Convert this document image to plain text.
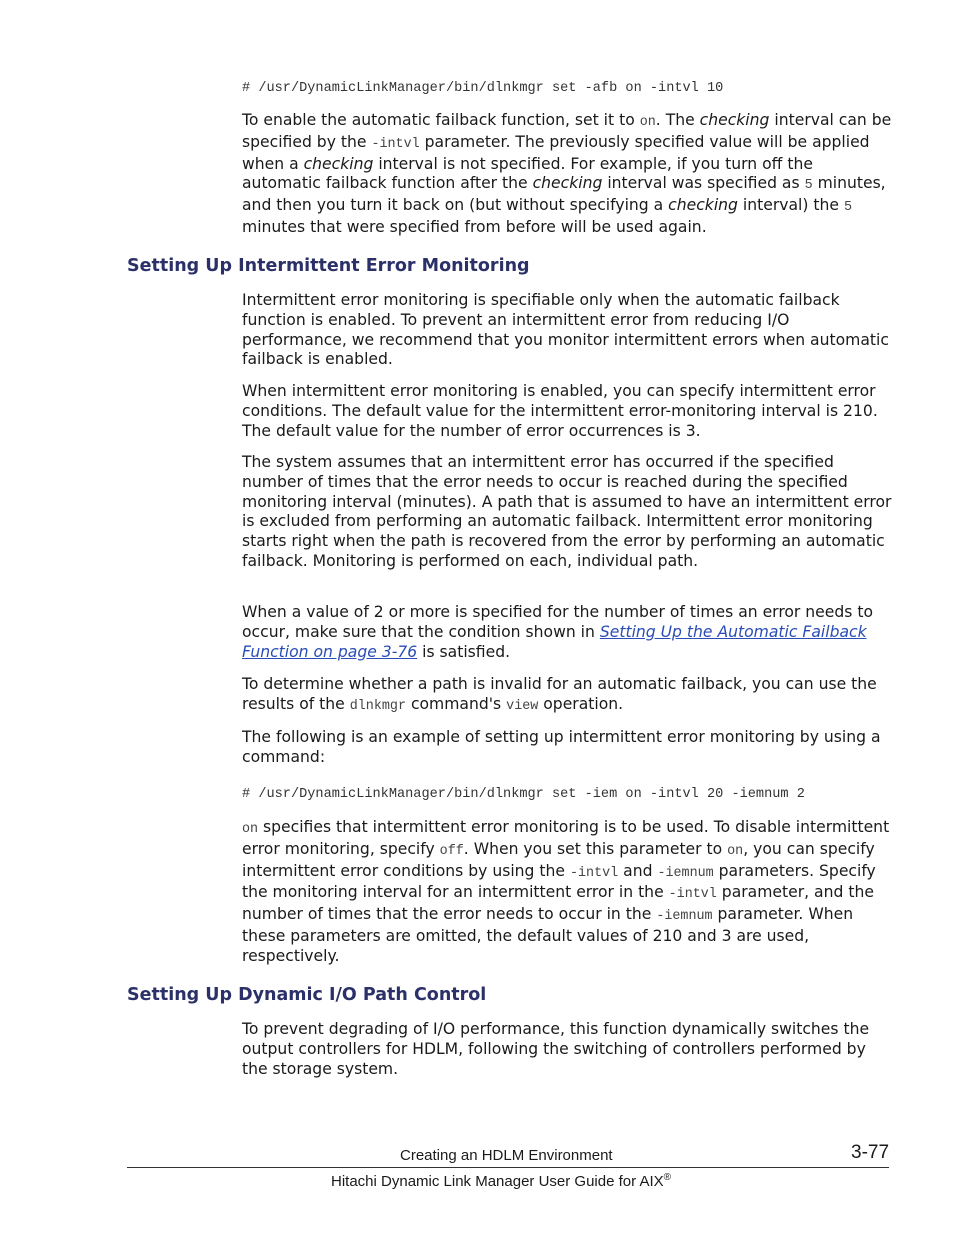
# /usr/DynamicLinkManager/bin/dlnkmgr set -afb on -intvl 10

To enable the automatic failback function, set it to on. The checking interval can be specified by the -intvl parameter. The previously specified value will be applied when a checking interval is not specified. For example, if you turn off the automatic failback function after the checking interval was specified as 5 minutes, and then you turn it back on (but without specifying a checking interval) the 5 minutes that were specified from before will be used again.

Setting Up Intermittent Error Monitoring

Intermittent error monitoring is specifiable only when the automatic failback function is enabled. To prevent an intermittent error from reducing I/O performance, we recommend that you monitor intermittent errors when automatic failback is enabled.

When intermittent error monitoring is enabled, you can specify intermittent error conditions. The default value for the intermittent error-monitoring interval is 210. The default value for the number of error occurrences is 3.

The system assumes that an intermittent error has occurred if the specified number of times that the error needs to occur is reached during the specified monitoring interval (minutes). A path that is assumed to have an intermittent error is excluded from performing an automatic failback. Intermittent error monitoring starts right when the path is recovered from the error by performing an automatic failback. Monitoring is performed on each, individual path.

When a value of 2 or more is specified for the number of times an error needs to occur, make sure that the condition shown in Setting Up the Automatic Failback Function on page 3-76 is satisfied.

To determine whether a path is invalid for an automatic failback, you can use the results of the dlnkmgr command's view operation.

The following is an example of setting up intermittent error monitoring by using a command:

# /usr/DynamicLinkManager/bin/dlnkmgr set -iem on -intvl 20 -iemnum 2

on specifies that intermittent error monitoring is to be used. To disable intermittent error monitoring, specify off. When you set this parameter to on, you can specify intermittent error conditions by using the -intvl and -iemnum parameters. Specify the monitoring interval for an intermittent error in the -intvl parameter, and the number of times that the error needs to occur in the -iemnum parameter. When these parameters are omitted, the default values of 210 and 3 are used, respectively.

Setting Up Dynamic I/O Path Control

To prevent degrading of I/O performance, this function dynamically switches the output controllers for HDLM, following the switching of controllers performed by the storage system.

Creating an HDLM Environment	3-77
Hitachi Dynamic Link Manager User Guide for AIX®
